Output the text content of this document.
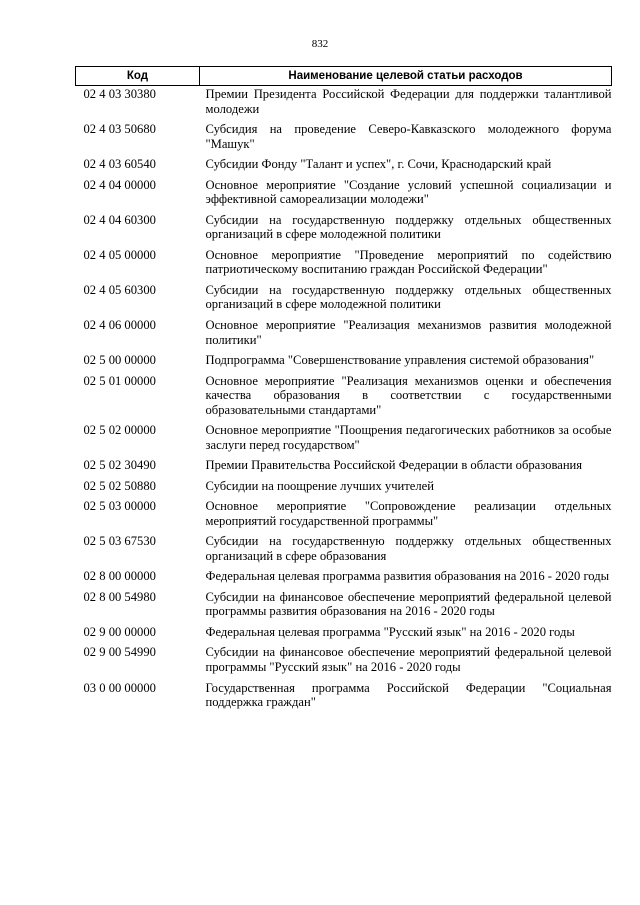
832
Код	Наименование целевой статьи расходов
02 4 03 30380	Премии Президента Российской Федерации для поддержки талантливой молодежи
02 4 03 50680	Субсидия на проведение Северо-Кавказского молодежного форума "Машук"
02 4 03 60540	Субсидии Фонду "Талант и успех", г. Сочи, Краснодарский край
02 4 04 00000	Основное мероприятие "Создание условий успешной социализации и эффективной самореализации молодежи"
02 4 04 60300	Субсидии на государственную поддержку отдельных общественных организаций в сфере молодежной политики
02 4 05 00000	Основное мероприятие "Проведение мероприятий по содействию патриотическому воспитанию граждан Российской Федерации"
02 4 05 60300	Субсидии на государственную поддержку отдельных общественных организаций в сфере молодежной политики
02 4 06 00000	Основное мероприятие "Реализация механизмов развития молодежной политики"
02 5 00 00000	Подпрограмма "Совершенствование управления системой образования"
02 5 01 00000	Основное мероприятие "Реализация механизмов оценки и обеспечения качества образования в соответствии с государственными образовательными стандартами"
02 5 02 00000	Основное мероприятие "Поощрения педагогических работников за особые заслуги перед государством"
02 5 02 30490	Премии Правительства Российской Федерации в области образования
02 5 02 50880	Субсидии на поощрение лучших учителей
02 5 03 00000	Основное мероприятие "Сопровождение реализации отдельных мероприятий государственной программы"
02 5 03 67530	Субсидии на государственную поддержку отдельных общественных организаций в сфере образования
02 8 00 00000	Федеральная целевая программа развития образования на 2016 - 2020 годы
02 8 00 54980	Субсидии на финансовое обеспечение мероприятий федеральной целевой программы развития образования на 2016 - 2020 годы
02 9 00 00000	Федеральная целевая программа "Русский язык" на 2016 - 2020 годы
02 9 00 54990	Субсидии на финансовое обеспечение мероприятий федеральной целевой программы "Русский язык" на 2016 - 2020 годы
03 0 00 00000	Государственная программа Российской Федерации "Социальная поддержка граждан"
